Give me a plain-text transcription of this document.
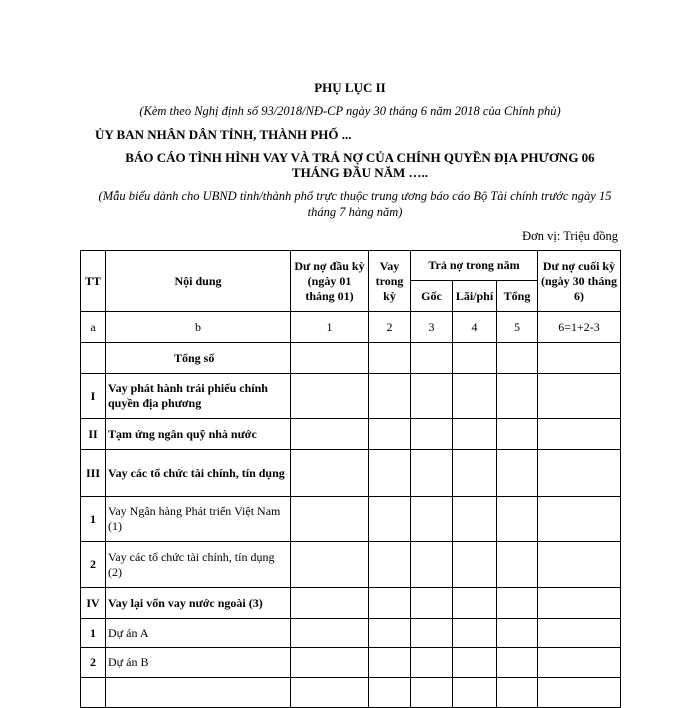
PHỤ LỤC II
(Kèm theo Nghị định số 93/2018/NĐ-CP ngày 30 tháng 6 năm 2018 của Chính phủ)
ỦY BAN NHÂN DÂN TỈNH, THÀNH PHỐ ...
BÁO CÁO TÌNH HÌNH VAY VÀ TRẢ NỢ CỦA CHÍNH QUYỀN ĐỊA PHƯƠNG 06 THÁNG ĐẦU NĂM …..
(Mẫu biểu dành cho UBND tỉnh/thành phố trực thuộc trung ương báo cáo Bộ Tài chính trước ngày 15 tháng 7 hàng năm)
Đơn vị: Triệu đồng
TT	Nội dung	Dư nợ đầu kỳ (ngày 01 tháng 01)	Vay trong kỳ	Trả nợ trong năm			Dư nợ cuối kỳ (ngày 30 tháng 6)
				Gốc	Lãi/phí	Tổng	
a	b	1	2	3	4	5	6=1+2-3
	Tổng số						
I	Vay phát hành trái phiếu chính quyền địa phương						
II	Tạm ứng ngân quỹ nhà nước						
III	Vay các tổ chức tài chính, tín dụng						
1	Vay Ngân hàng Phát triển Việt Nam (1)						
2	Vay các tổ chức tài chính, tín dụng (2)						
IV	Vay lại vốn vay nước ngoài (3)						
1	Dự án A						
2	Dự án B						
